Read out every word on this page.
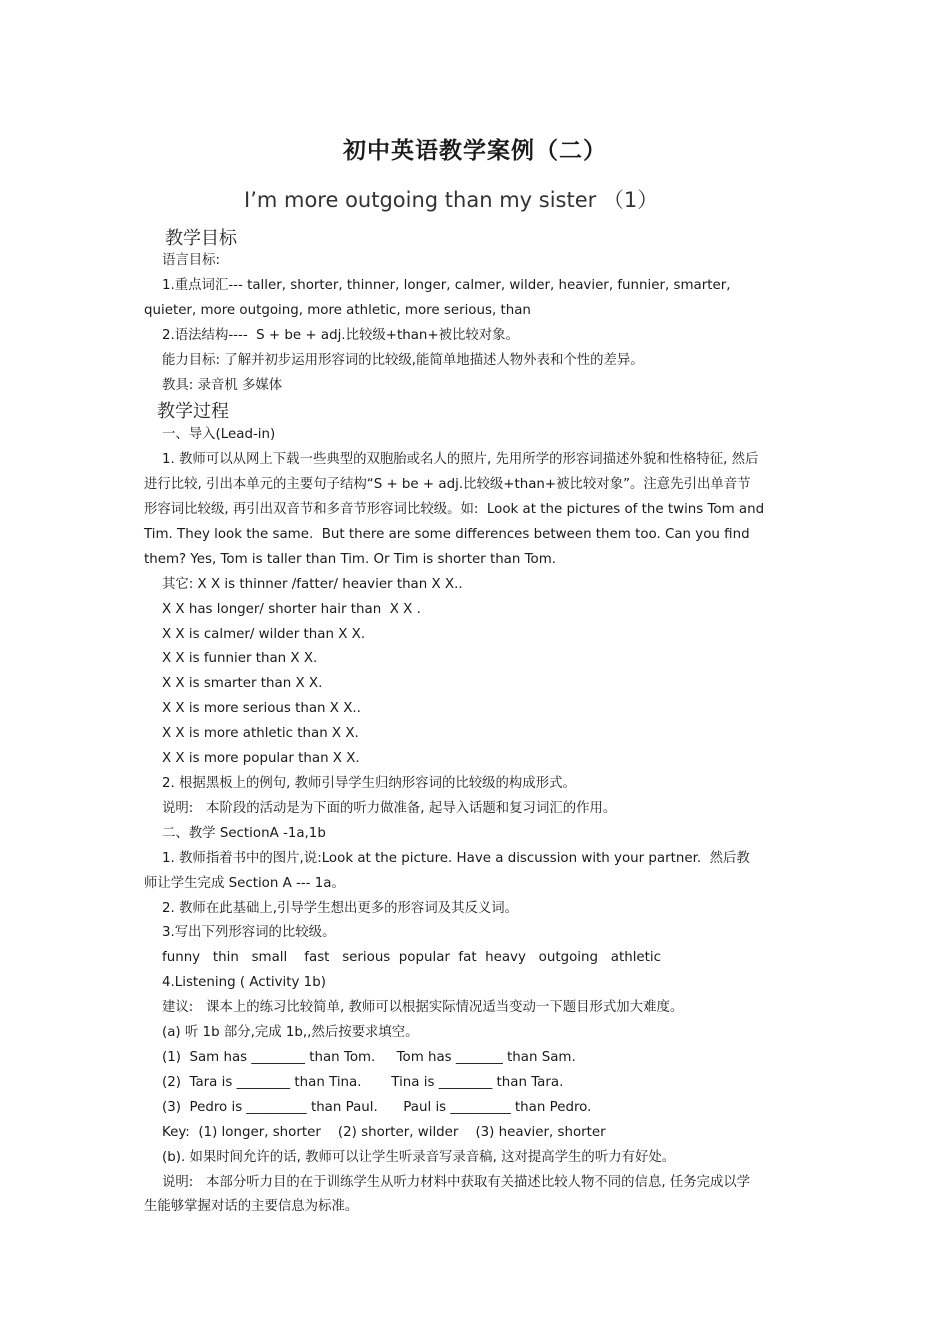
初中英语教学案例（二）
I’m more outgoing than my sister （1）
教学目标

语言目标:

1.重点词汇--- taller, shorter, thinner, longer, calmer, wilder, heavier, funnier, smarter,

quieter, more outgoing, more athletic, more serious, than

2.语法结构----  S + be + adj.比较级+than+被比较对象。

能力目标: 了解并初步运用形容词的比较级,能简单地描述人物外表和个性的差异。

教具: 录音机 多媒体

一、导入(Lead-in)

1. 教师可以从网上下载一些典型的双胞胎或名人的照片, 先用所学的形容词描述外貌和性格特征, 然后

进行比较, 引出本单元的主要句子结构“S + be + adj.比较级+than+被比较对象”。注意先引出单音节

形容词比较级, 再引出双音节和多音节形容词比较级。如:  Look at the pictures of the twins Tom and

Tim. They look the same.  But there are some differences between them too. Can you find

them? Yes, Tom is taller than Tim. Or Tim is shorter than Tom.

其它: X X is thinner /fatter/ heavier than X X..

X X has longer/ shorter hair than  X X .

X X is calmer/ wilder than X X.

X X is funnier than X X.

X X is smarter than X X.

X X is more serious than X X..

X X is more athletic than X X.

X X is more popular than X X.

2. 根据黑板上的例句, 教师引导学生归纳形容词的比较级的构成形式。

说明:   本阶段的活动是为下面的听力做准备, 起导入话题和复习词汇的作用。

二、教学 SectionA -1a,1b

1. 教师指着书中的图片,说:Look at the picture. Have a discussion with your partner.  然后教

师让学生完成 Section A --- 1a。

2. 教师在此基础上,引导学生想出更多的形容词及其反义词。

3.写出下列形容词的比较级。

funny   thin   small    fast   serious  popular  fat  heavy   outgoing   athletic

4.Listening ( Activity 1b)

建议:   课本上的练习比较简单, 教师可以根据实际情况适当变动一下题目形式加大难度。

(a) 听 1b 部分,完成 1b,,然后按要求填空。

(1)  Sam has ________ than Tom.     Tom has _______ than Sam.

(2)  Tara is ________ than Tina.       Tina is ________ than Tara.

(3)  Pedro is _________ than Paul.      Paul is _________ than Pedro.

Key:  (1) longer, shorter    (2) shorter, wilder    (3) heavier, shorter

(b). 如果时间允许的话, 教师可以让学生听录音写录音稿, 这对提高学生的听力有好处。

说明:   本部分听力目的在于训练学生从听力材料中获取有关描述比较人物不同的信息, 任务完成以学

生能够掌握对话的主要信息为标准。

教学过程
